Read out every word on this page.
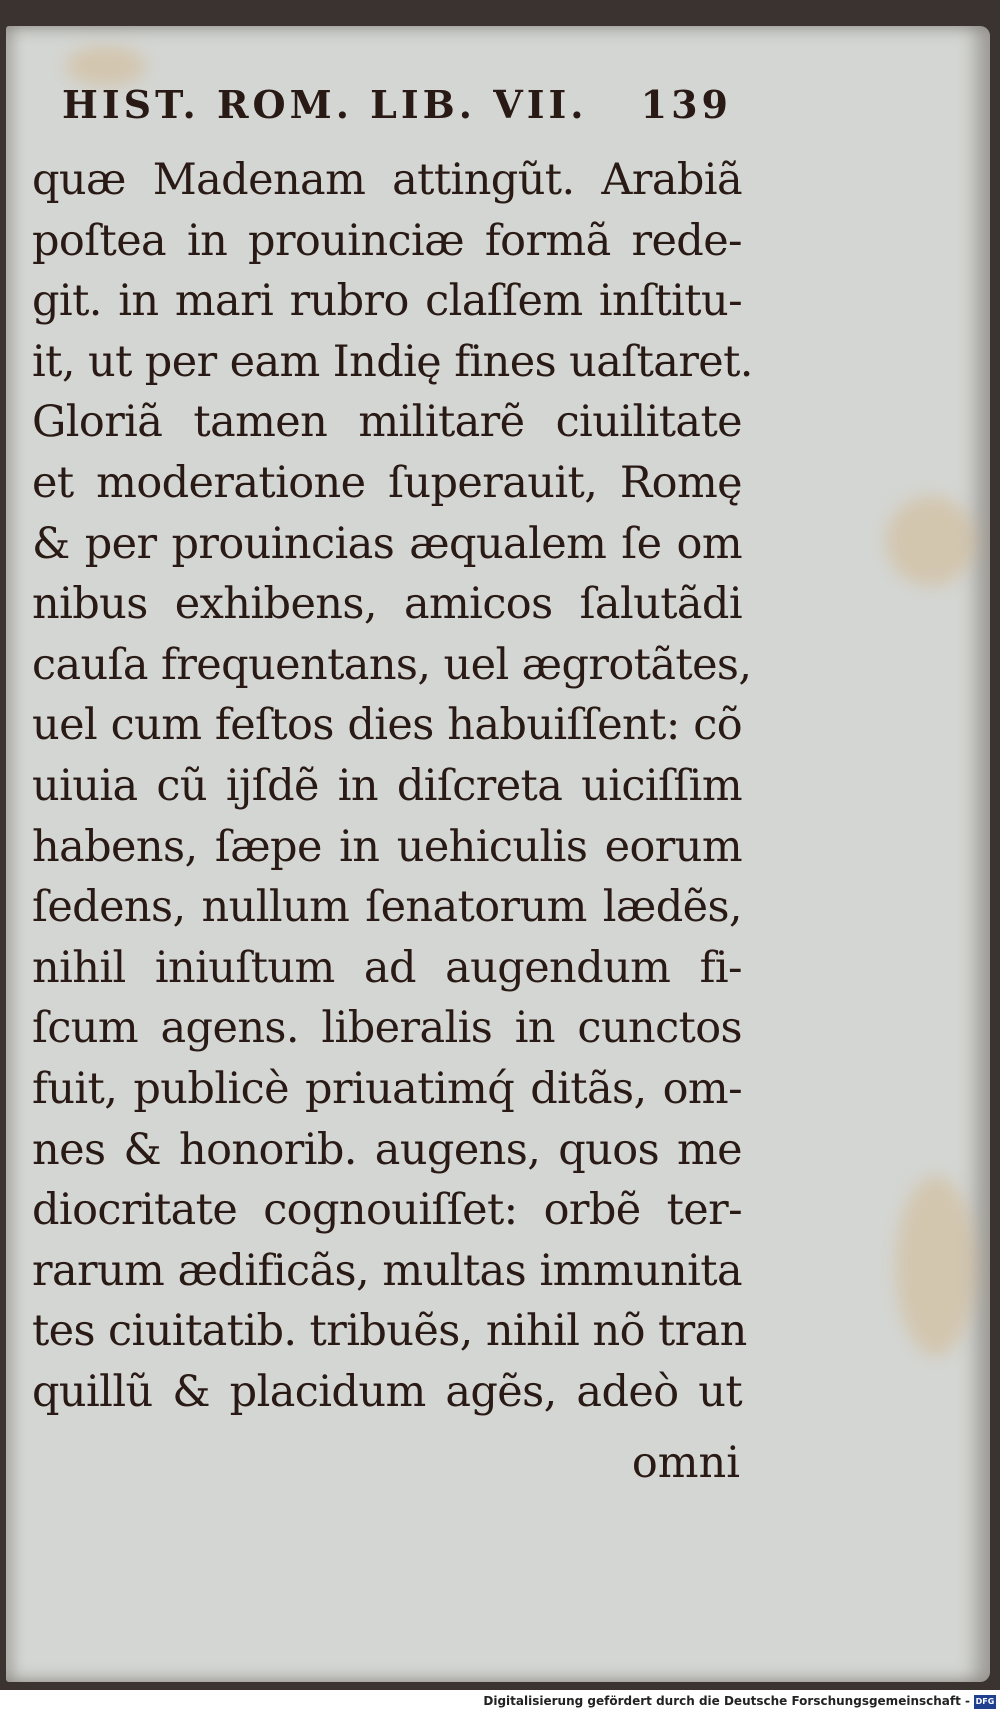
HIST. ROM. LIB. VII. 139
quæ Madenam attingũt. Arabiã
poſtea in prouinciæ formã rede-
git. in mari rubro claſſem inſtitu-
it, ut per eam Indię fines uaſtaret.
Gloriã tamen militarẽ ciuilitate
et moderatione ſuperauit, Romę
& per prouincias æqualem ſe om
nibus exhibens, amicos ſalutãdi
cauſa frequentans, uel ægrotãtes,
uel cum feſtos dies habuiſſent: cõ
uiuia cũ ijſdẽ in diſcreta uiciſſim
habens, ſæpe in uehiculis eorum
ſedens, nullum ſenatorum lædẽs,
nihil iniuſtum ad augendum fi-
ſcum agens. liberalis in cunctos
fuit, publicè priuatimq́ ditãs, om-
nes & honorib. augens, quos me
diocritate cognouiſſet: orbẽ ter-
rarum ædificãs, multas immunita
tes ciuitatib. tribuẽs, nihil nõ tran
quillũ & placidum agẽs, adeò ut
omni
Digitalisierung gefördert durch die Deutsche Forschungsgemeinschaft - DFG
